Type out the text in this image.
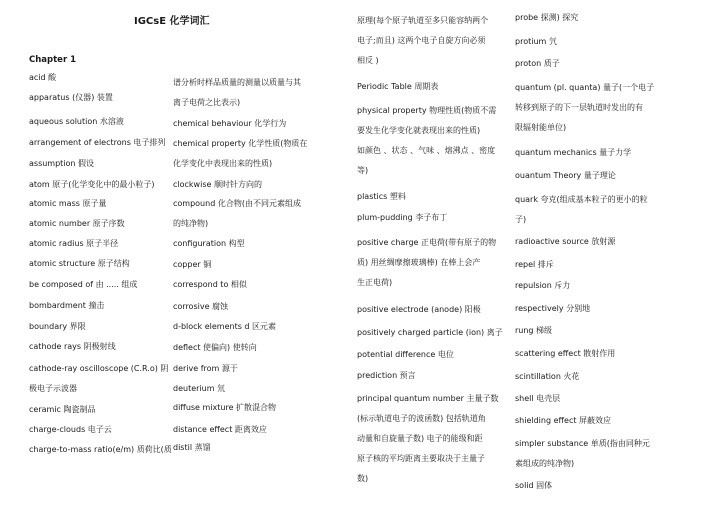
IGCsE 化学词汇
Chapter 1
acid 酸
apparatus (仪器) 装置
aqueous solution 水溶液
arrangement of electrons 电子排列
assumption 假设
atom 原子(化学变化中的最小粒子)
atomic mass 原子量
atomic number 原子序数
atomic radius 原子半径
atomic structure 原子结构
be composed of 由 ..... 组成
bombardment 撞击
boundary 界限
cathode rays 阴极射线
cathode-ray oscilloscope (C.R.o) 阴
极电子示波器
ceramic 陶瓷制品
charge-clouds 电子云
charge-to-mass ratio(e/m) 质荷比(质
谱分析时样品质量的测量以质量与其
离子电荷之比表示)
chemical behaviour 化学行为
chemical property 化学性质(物质在
化学变化中表现出来的性质)
clockwise 顺时针方向的
compound 化合物(由不同元素组成
的纯净物)
configuration 构型
copper 铜
correspond to 相似
corrosive 腐蚀
d-block elements d 区元素
deflect 使偏向) 使转向
derive from 源于
deuterium 氘
diffuse mixture 扩散混合物
distance effect 距离效应
distil 蒸馏
原理(每个原子轨道至多只能容纳两个
电子;而且) 这两个电子自旋方向必须
相反 )
Periodic Table 周期表
physical property 物理性质(物质不需
要发生化学变化就表现出来的性质)
如颜色 、状态 、气味 、熔沸点 、密度
等)
plastics 塑料
plum-pudding 李子布丁
positive charge 正电荷(带有原子的物
质) 用丝绸摩擦玻璃棒) 在棒上会产
生正电荷)
positive electrode (anode) 阳极
positively charged particle (ion) 离子
potential difference 电位
prediction 预言
principal quantum number 主量子数
(标示轨道电子的波函数) 包括轨道角
动量和自旋量子数) 电子的能级和距
原子核的平均距离主要取决于主量子
数)
probe 探测) 探究
protium 氕
proton 质子
quantum (pl. quanta) 量子(一个电子
转移到原子的下一层轨道时发出的有
限辐射能单位)
quantum mechanics 量子力学
ouantum Theory 量子理论
quark 夸克(组成基本粒子的更小的粒
子)
radioactive source 放射源
repel 排斥
repulsion 斥力
respectively 分别地
rung 梯级
scattering effect 散射作用
scintillation 火花
shell 电壳层
shielding effect 屏蔽效应
simpler substance 单质(指由同种元
素组成的纯净物)
solid 固体
